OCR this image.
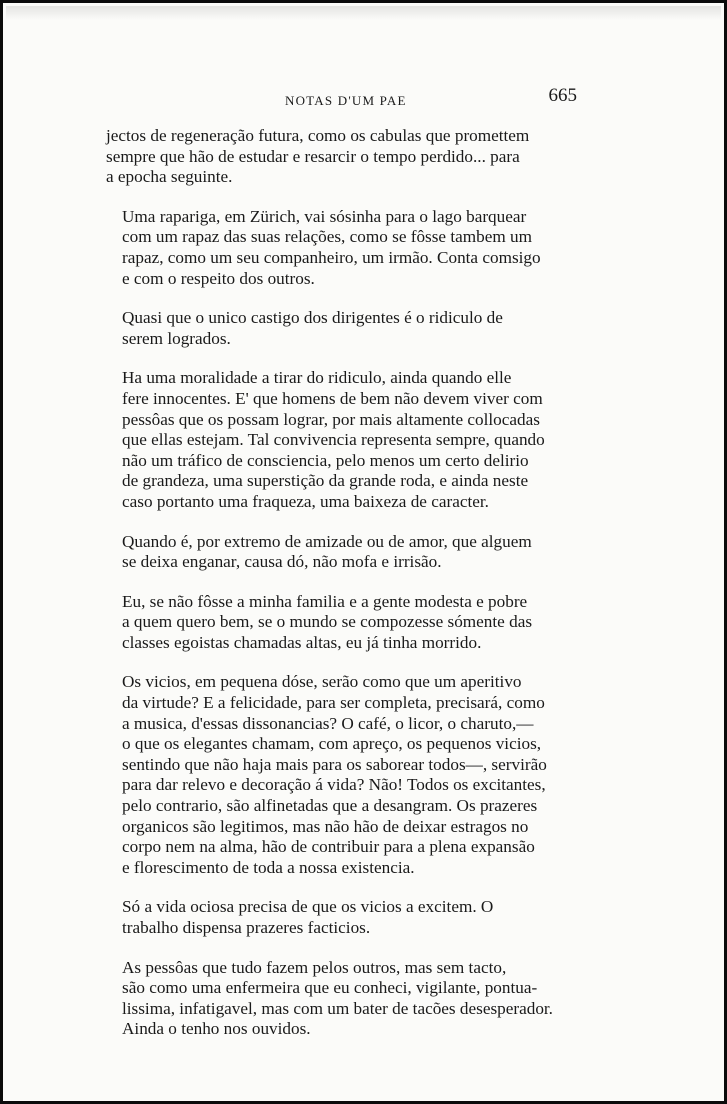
NOTAS D'UM PAE	665

jectos de regeneração futura, como os cabulas que promettem
sempre que hão de estudar e resarcir o tempo perdido... para
a epocha seguinte.

Uma rapariga, em Zürich, vai sósinha para o lago barquear
com um rapaz das suas relações, como se fôsse tambem um
rapaz, como um seu companheiro, um irmão. Conta comsigo
e com o respeito dos outros.

Quasi que o unico castigo dos dirigentes é o ridiculo de
serem logrados.

Ha uma moralidade a tirar do ridiculo, ainda quando elle
fere innocentes. E' que homens de bem não devem viver com
pessôas que os possam lograr, por mais altamente collocadas
que ellas estejam. Tal convivencia representa sempre, quando
não um tráfico de consciencia, pelo menos um certo delirio
de grandeza, uma superstição da grande roda, e ainda neste
caso portanto uma fraqueza, uma baixeza de caracter.

Quando é, por extremo de amizade ou de amor, que alguem
se deixa enganar, causa dó, não mofa e irrisão.

Eu, se não fôsse a minha familia e a gente modesta e pobre
a quem quero bem, se o mundo se compozesse sómente das
classes egoistas chamadas altas, eu já tinha morrido.

Os vicios, em pequena dóse, serão como que um aperitivo
da virtude? E a felicidade, para ser completa, precisará, como
a musica, d'essas dissonancias? O café, o licor, o charuto,—
o que os elegantes chamam, com apreço, os pequenos vicios,
sentindo que não haja mais para os saborear todos—, servirão
para dar relevo e decoração á vida? Não! Todos os excitantes,
pelo contrario, são alfinetadas que a desangram. Os prazeres
organicos são legitimos, mas não hão de deixar estragos no
corpo nem na alma, hão de contribuir para a plena expansão
e florescimento de toda a nossa existencia.

Só a vida ociosa precisa de que os vicios a excitem. O
trabalho dispensa prazeres facticios.

As pessôas que tudo fazem pelos outros, mas sem tacto,
são como uma enfermeira que eu conheci, vigilante, pontua-
lissima, infatigavel, mas com um bater de tacões desesperador.
Ainda o tenho nos ouvidos.
